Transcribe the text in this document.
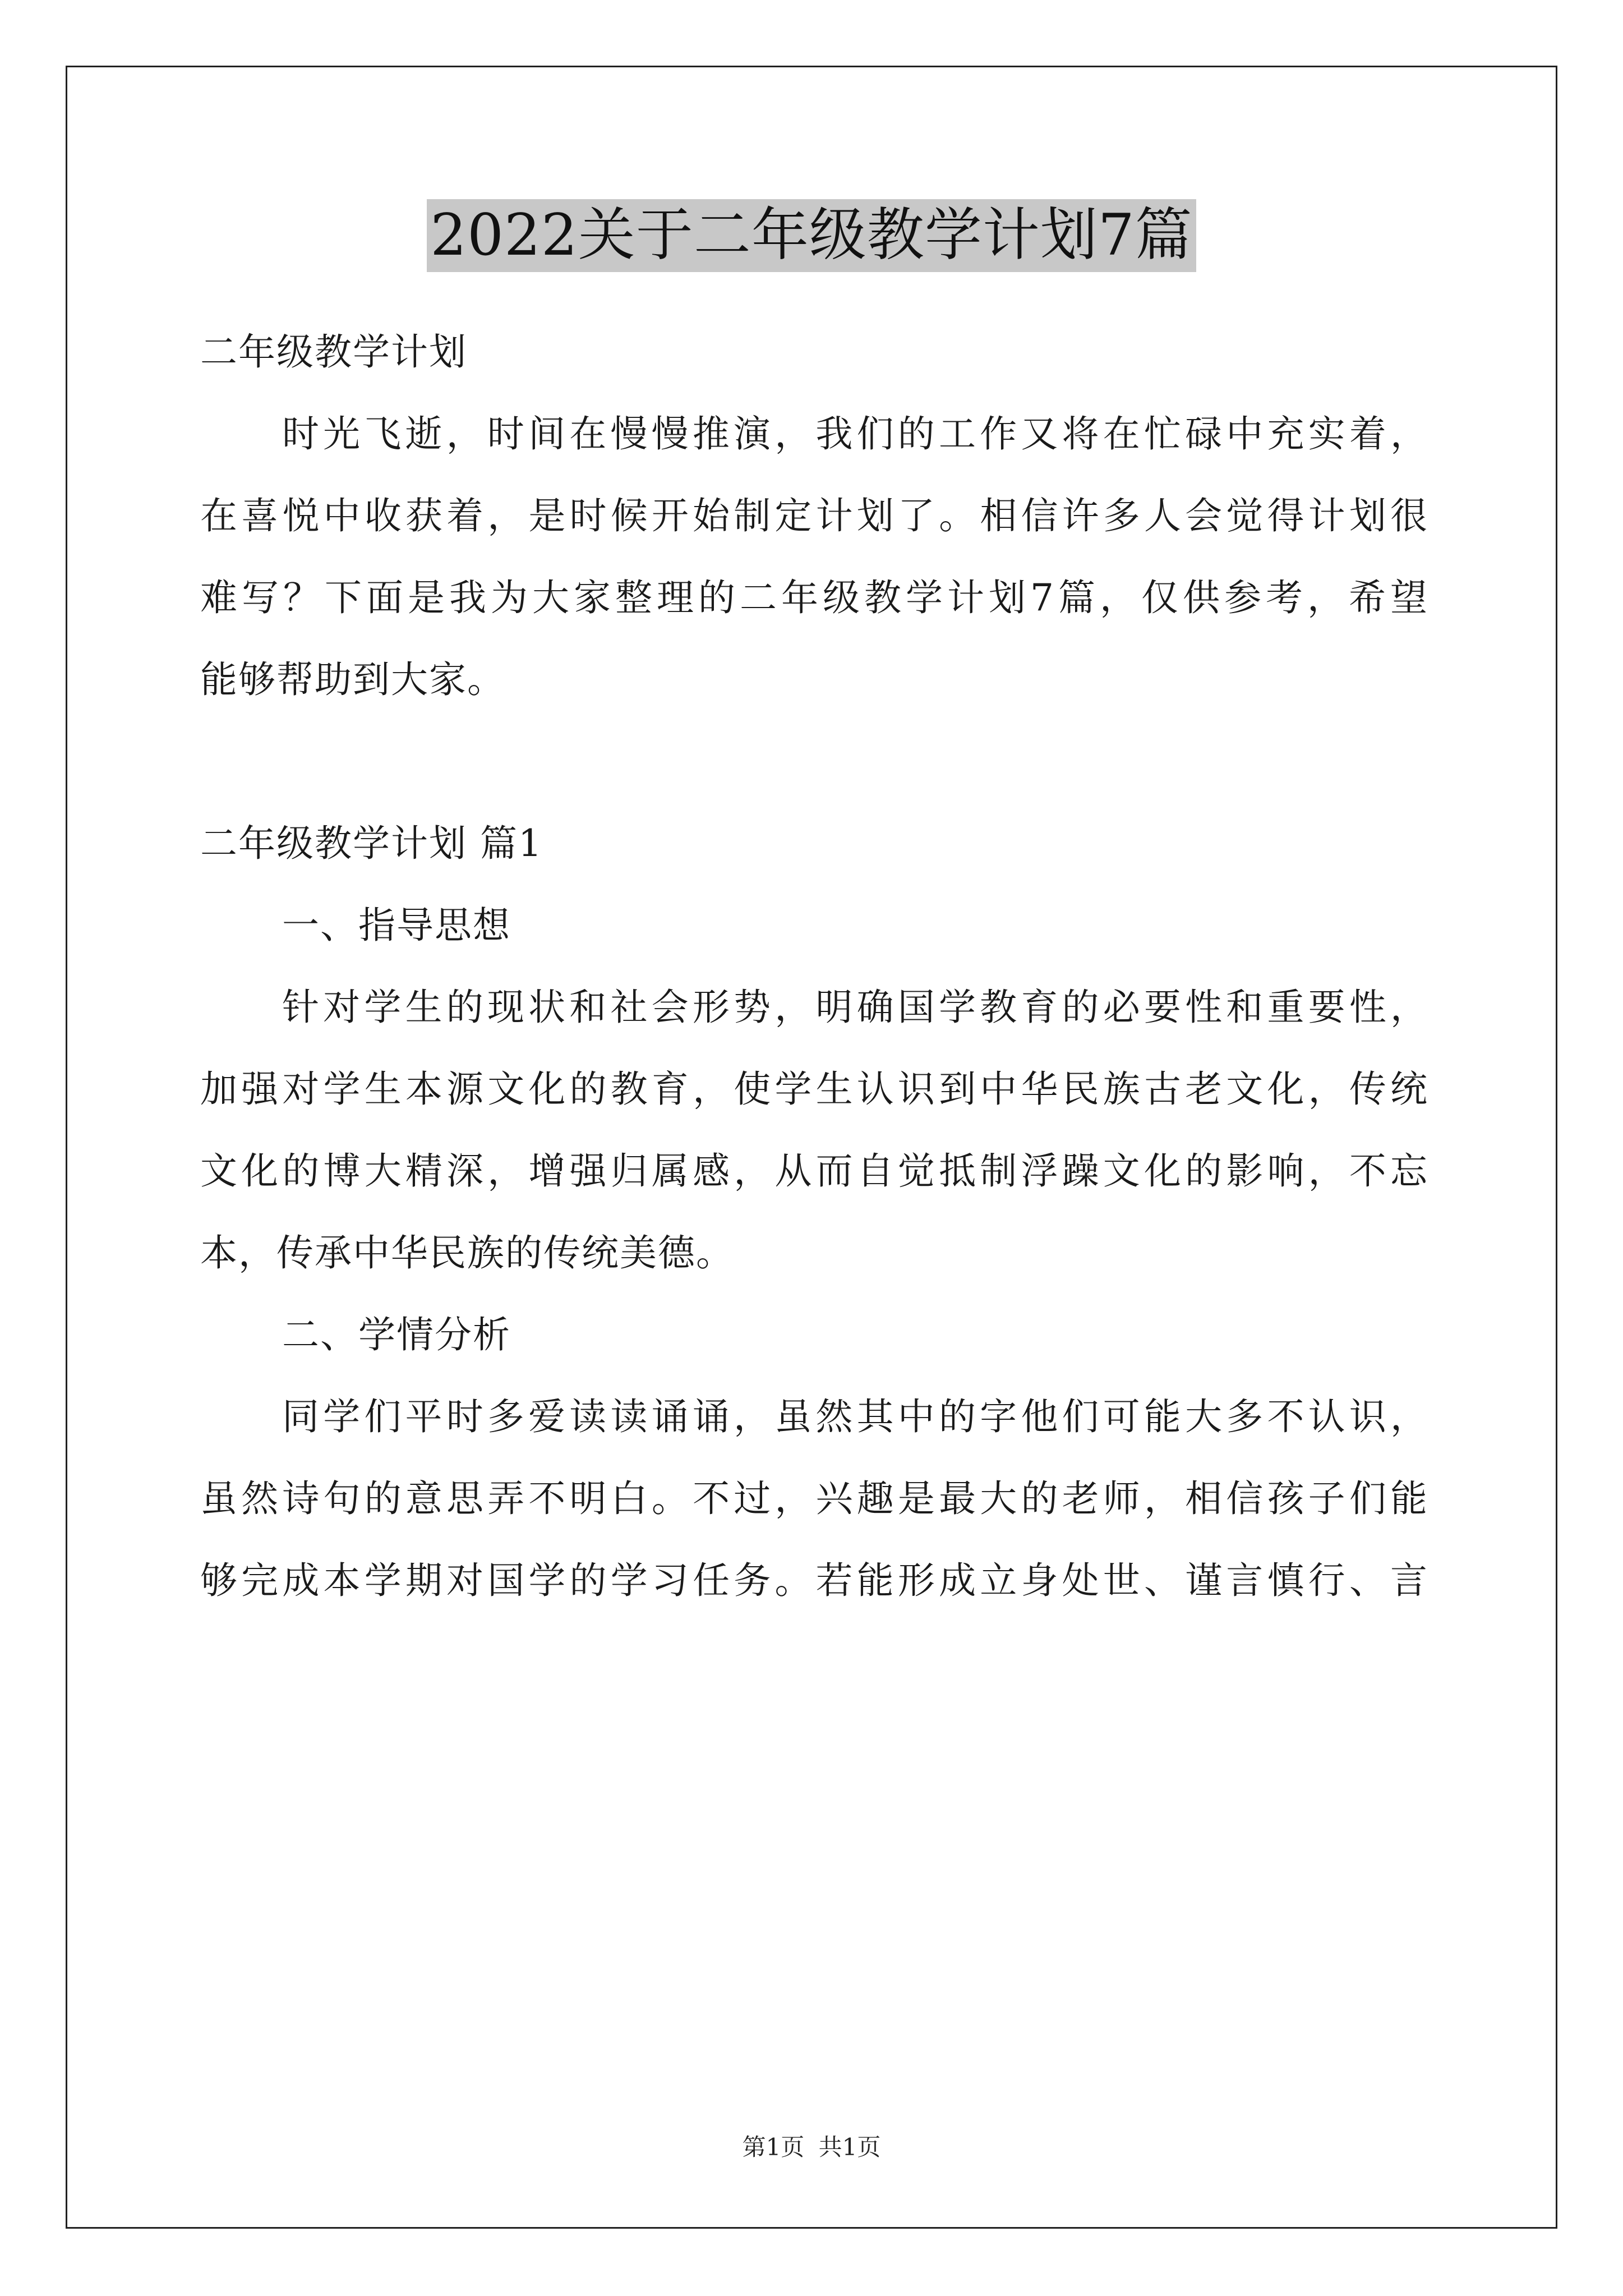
2022关于二年级教学计划7篇

二年级教学计划

时光飞逝，时间在慢慢推演，我们的工作又将在忙碌中充实着，

在喜悦中收获着，是时候开始制定计划了。相信许多人会觉得计划很

难写？下面是我为大家整理的二年级教学计划7篇，仅供参考，希望

能够帮助到大家。

二年级教学计划 篇1

一、指导思想

针对学生的现状和社会形势，明确国学教育的必要性和重要性，

加强对学生本源文化的教育，使学生认识到中华民族古老文化，传统

文化的博大精深，增强归属感，从而自觉抵制浮躁文化的影响，不忘

本，传承中华民族的传统美德。

二、学情分析

同学们平时多爱读读诵诵，虽然其中的字他们可能大多不认识，

虽然诗句的意思弄不明白。不过，兴趣是最大的老师，相信孩子们能

够完成本学期对国学的学习任务。若能形成立身处世、谨言慎行、言

第1页 共1页
